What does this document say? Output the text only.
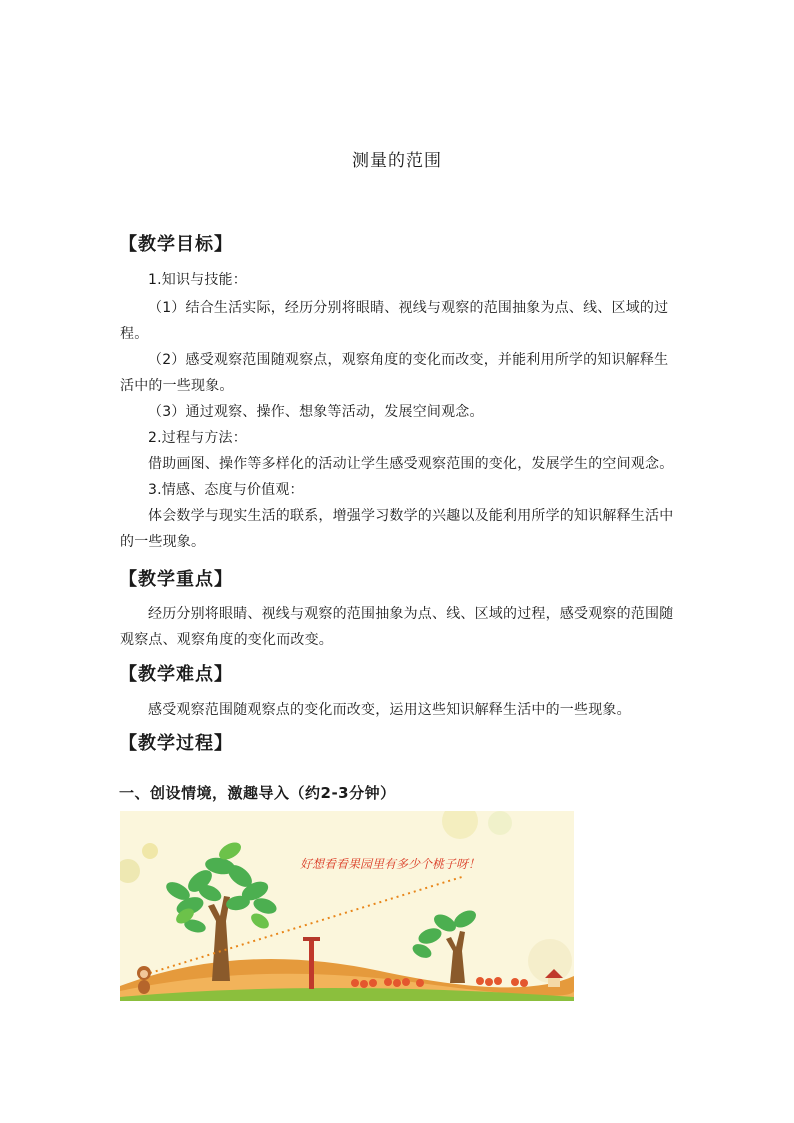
测量的范围
【教学目标】
1.知识与技能：
（1）结合生活实际，经历分别将眼睛、视线与观察的范围抽象为点、线、区域的过程。
（2）感受观察范围随观察点，观察角度的变化而改变，并能利用所学的知识解释生活中的一些现象。
（3）通过观察、操作、想象等活动，发展空间观念。
2.过程与方法：
借助画图、操作等多样化的活动让学生感受观察范围的变化，发展学生的空间观念。
3.情感、态度与价值观：
体会数学与现实生活的联系，增强学习数学的兴趣以及能利用所学的知识解释生活中的一些现象。
【教学重点】
经历分别将眼睛、视线与观察的范围抽象为点、线、区域的过程，感受观察的范围随观察点、观察角度的变化而改变。
【教学难点】
感受观察范围随观察点的变化而改变，运用这些知识解释生活中的一些现象。
【教学过程】
一、创设情境，激趣导入（约2-3分钟）
好想看看果园里有多少个桃子呀！
